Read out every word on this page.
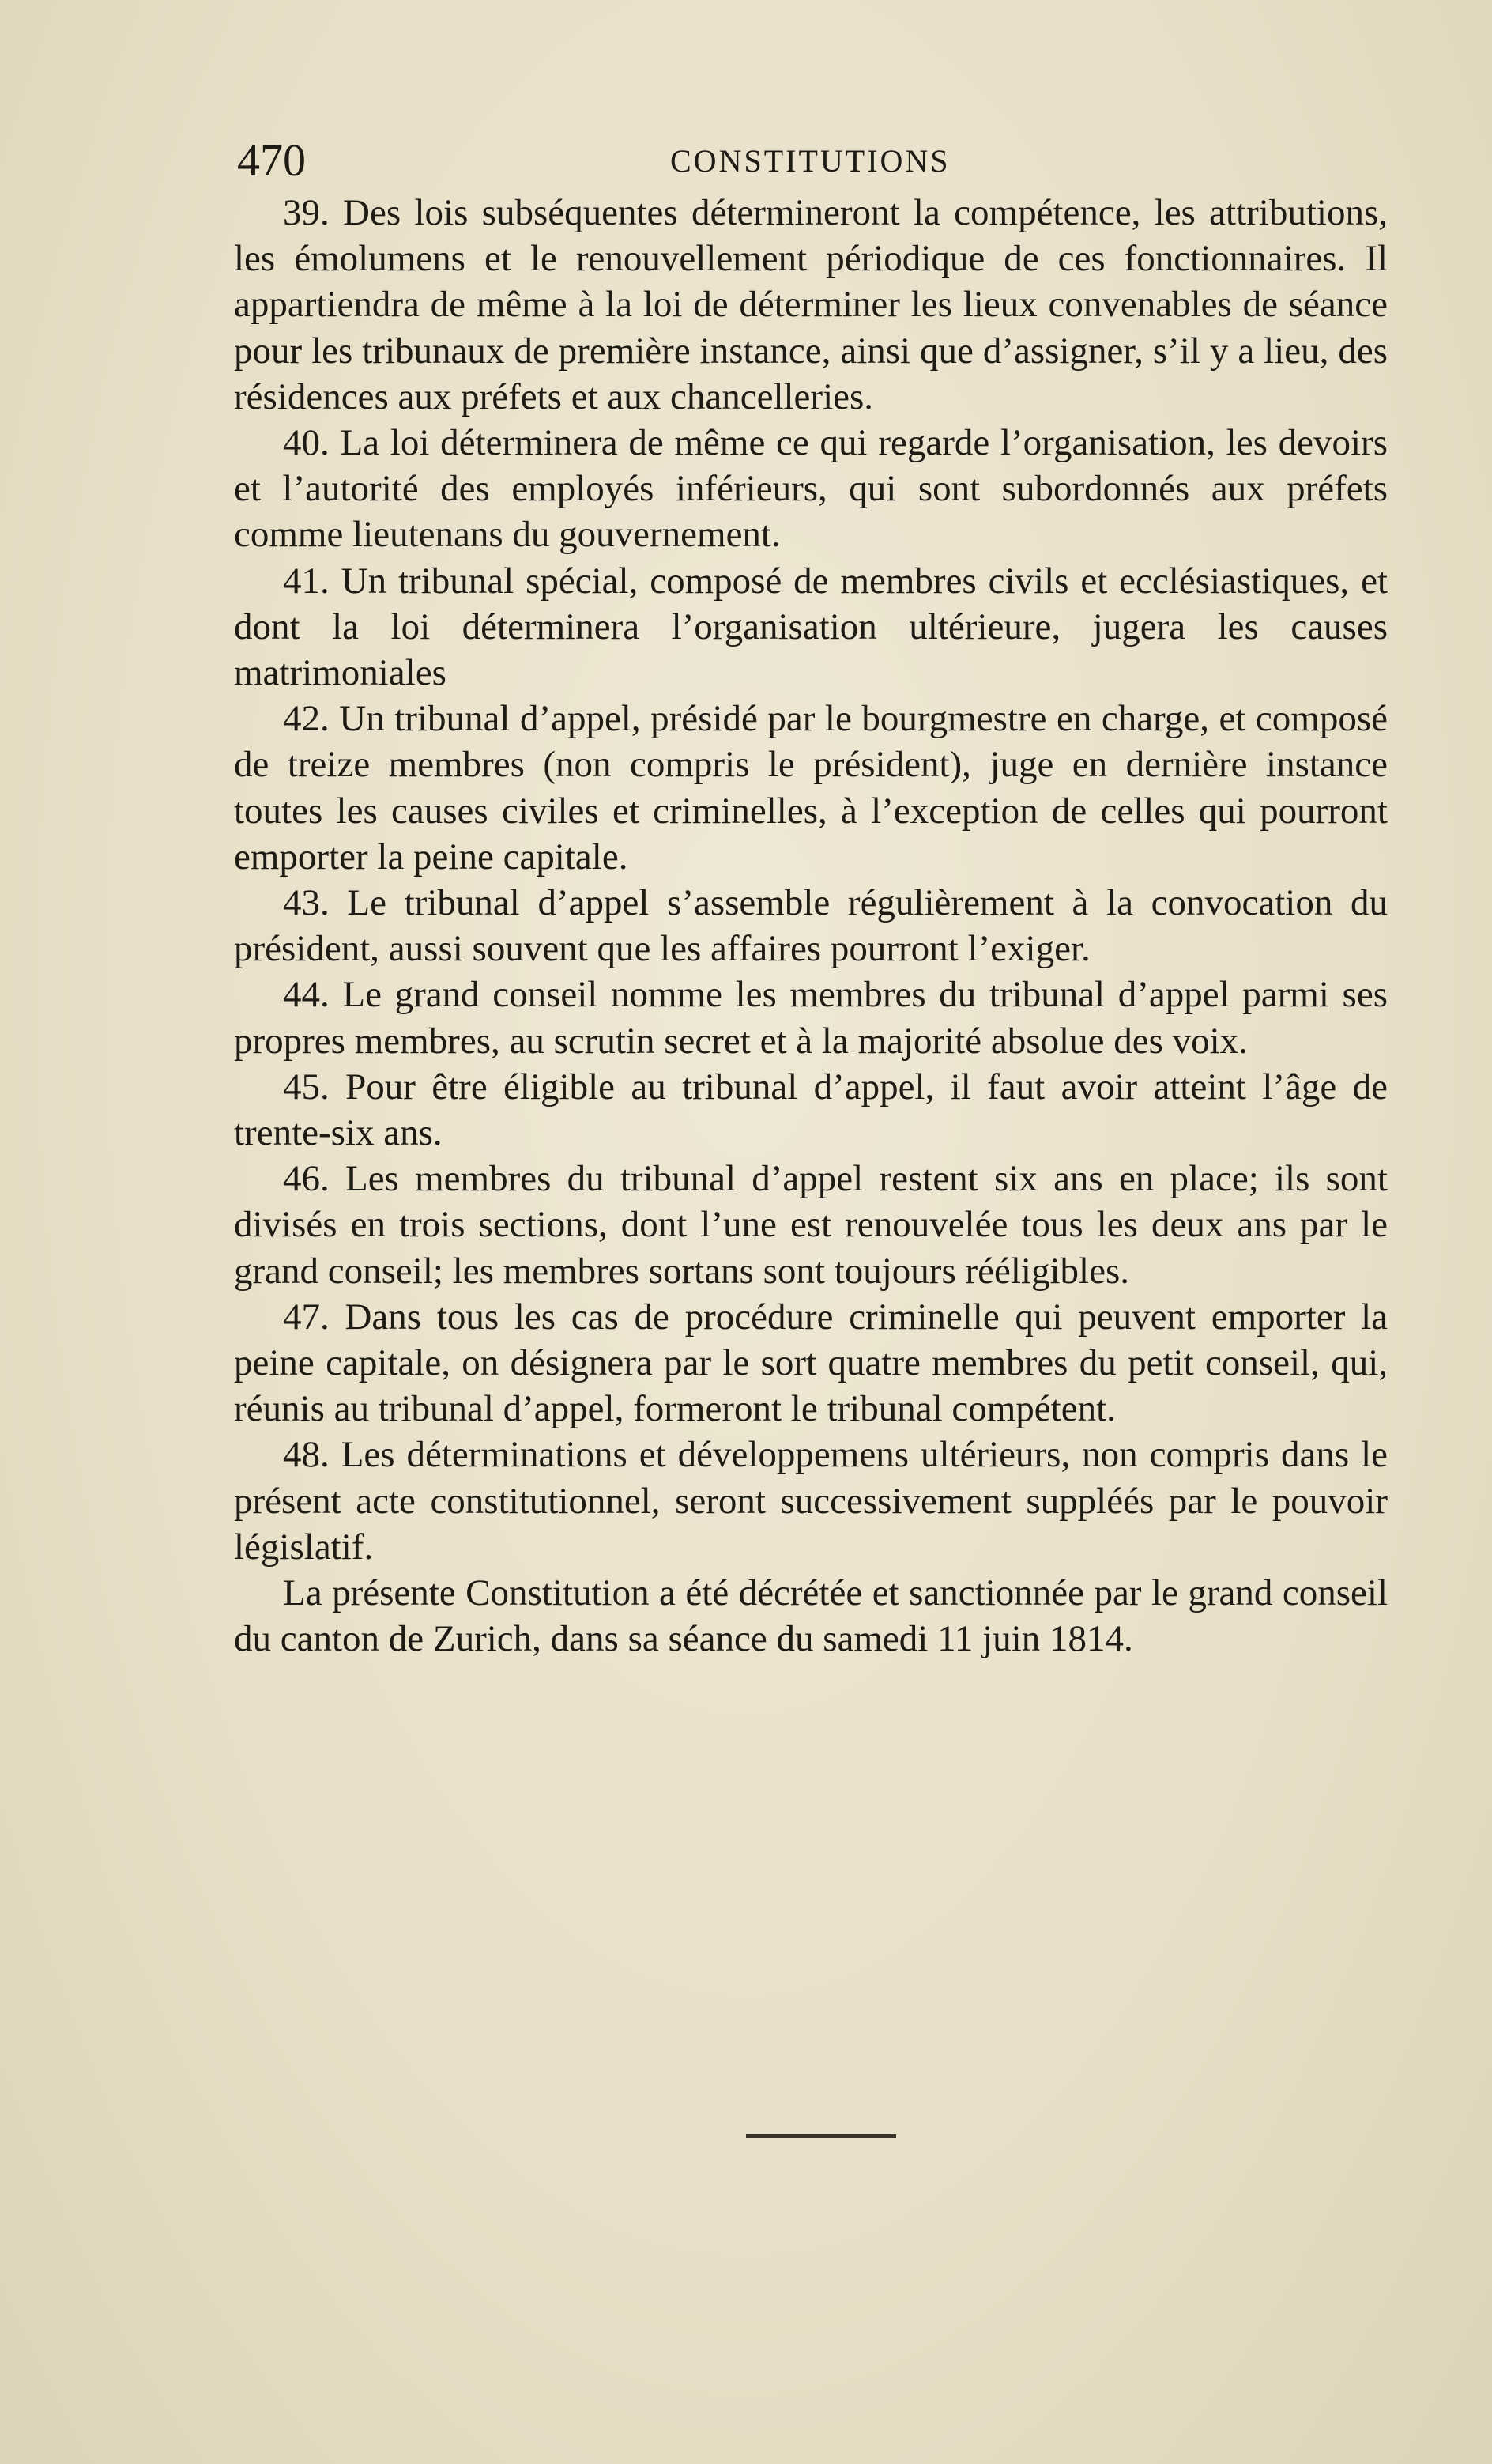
470	CONSTITUTIONS

39. Des lois subséquentes détermineront la compétence, les attributions, les émolumens et le renouvellement périodique de ces fonctionnaires. Il appartiendra de même à la loi de déterminer les lieux convenables de séance pour les tribunaux de première instance, ainsi que d’assigner, s’il y a lieu, des résidences aux préfets et aux chancelleries.

40. La loi déterminera de même ce qui regarde l’organisation, les devoirs et l’autorité des employés inférieurs, qui sont subordonnés aux préfets comme lieutenans du gouvernement.

41. Un tribunal spécial, composé de membres civils et ecclésiastiques, et dont la loi déterminera l’organisation ultérieure, jugera les causes matrimoniales

42. Un tribunal d’appel, présidé par le bourgmestre en charge, et composé de treize membres (non compris le président), juge en dernière instance toutes les causes civiles et criminelles, à l’exception de celles qui pourront emporter la peine capitale.

43. Le tribunal d’appel s’assemble régulièrement à la convocation du président, aussi souvent que les affaires pourront l’exiger.

44. Le grand conseil nomme les membres du tribunal d’appel parmi ses propres membres, au scrutin secret et à la majorité absolue des voix.

45. Pour être éligible au tribunal d’appel, il faut avoir atteint l’âge de trente-six ans.

46. Les membres du tribunal d’appel restent six ans en place; ils sont divisés en trois sections, dont l’une est renouvelée tous les deux ans par le grand conseil; les membres sortans sont toujours rééligibles.

47. Dans tous les cas de procédure criminelle qui peuvent emporter la peine capitale, on désignera par le sort quatre membres du petit conseil, qui, réunis au tribunal d’appel, formeront le tribunal compétent.

48. Les déterminations et développemens ultérieurs, non compris dans le présent acte constitutionnel, seront successivement suppléés par le pouvoir législatif.

La présente Constitution a été décrétée et sanctionnée par le grand conseil du canton de Zurich, dans sa séance du samedi 11 juin 1814.
